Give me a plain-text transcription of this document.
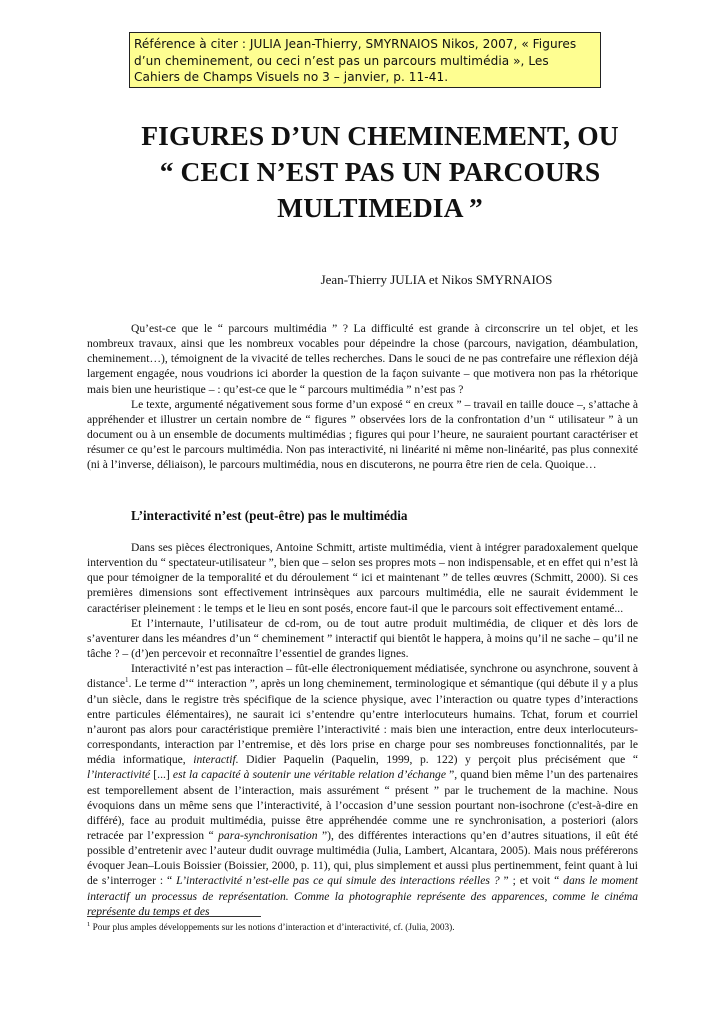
Référence à citer : JULIA Jean-Thierry, SMYRNAIOS Nikos, 2007, « Figures
d’un cheminement, ou ceci n’est pas un parcours multimédia », Les
Cahiers de Champs Visuels no 3 – janvier, p. 11-41.
FIGURES D’UN CHEMINEMENT, OU
“ CECI N’EST PAS UN PARCOURS
MULTIMEDIA ”
Jean-Thierry JULIA et Nikos SMYRNAIOS

Qu’est-ce que le “ parcours multimédia ” ? La difficulté est grande à circonscrire un tel objet, et les nombreux travaux, ainsi que les nombreux vocables pour dépeindre la chose (parcours, navigation, déambulation, cheminement…), témoignent de la vivacité de telles recherches. Dans le souci de ne pas contrefaire une réflexion déjà largement engagée, nous voudrions ici aborder la question de la façon suivante – que motivera non pas la rhétorique mais bien une heuristique – : qu’est-ce que le “ parcours multimédia ” n’est pas ?

Le texte, argumenté négativement sous forme d’un exposé “ en creux ” – travail en taille douce –, s’attache à appréhender et illustrer un certain nombre de “ figures ” observées lors de la confrontation d’un “ utilisateur ” à un document ou à un ensemble de documents multimédias ; figures qui pour l’heure, ne sauraient pourtant caractériser et résumer ce qu’est le parcours multimédia. Non pas interactivité, ni linéarité ni même non-linéarité, pas plus connexité (ni à l’inverse, déliaison), le parcours multimédia, nous en discuterons, ne pourra être rien de cela. Quoique…

L’interactivité n’est (peut-être) pas le multimédia

Dans ses pièces électroniques, Antoine Schmitt, artiste multimédia, vient à intégrer paradoxalement quelque intervention du “ spectateur-utilisateur ”, bien que – selon ses propres mots – non indispensable, et en effet qui n’est là que pour témoigner de la temporalité et du déroulement “ ici et maintenant ” de telles œuvres (Schmitt, 2000). Si ces premières dimensions sont effectivement intrinsèques aux parcours multimédia, elle ne saurait évidemment le caractériser pleinement : le temps et le lieu en sont posés, encore faut-il que le parcours soit effectivement entamé...

Et l’internaute, l’utilisateur de cd-rom, ou de tout autre produit multimédia, de cliquer et dès lors de s’aventurer dans les méandres d’un “ cheminement ” interactif qui bientôt le happera, à moins qu’il ne sache – qu’il ne tâche ? – (d’)en percevoir et reconnaître l’essentiel de grandes lignes.

Interactivité n’est pas interaction – fût-elle électroniquement médiatisée, synchrone ou asynchrone, souvent à distance$^1$. Le terme d’“ interaction ”, après un long cheminement, terminologique et sémantique (qui débute il y a plus d’un siècle, dans le registre très spécifique de la science physique, avec l’interaction ou quatre types d’interactions entre particules élémentaires), ne saurait ici s’entendre qu’entre interlocuteurs humains. Tchat, forum et courriel n’auront pas alors pour caractéristique première l’interactivité : mais bien une interaction, entre deux interlocuteurs-correspondants, interaction par l’entremise, et dès lors prise en charge pour ses nombreuses fonctionnalités, par le média informatique, interactif. Didier Paquelin (Paquelin, 1999, p. 122) y perçoit plus précisément que “ l’interactivité [...] est la capacité à soutenir une véritable relation d’échange ”, quand bien même l’un des partenaires est temporellement absent de l’interaction, mais assurément “ présent ” par le truchement de la machine. Nous évoquions dans un même sens que l’interactivité, à l’occasion d’une session pourtant non-isochrone (c'est-à-dire en différé), face au produit multimédia, puisse être appréhendée comme une re synchronisation, a posteriori (alors retracée par l’expression “ para-synchronisation ”), des différentes interactions qu’en d’autres situations, il eût été possible d’entretenir avec l’auteur dudit ouvrage multimédia (Julia, Lambert, Alcantara, 2005). Mais nous préférerons évoquer Jean–Louis Boissier (Boissier, 2000, p. 11), qui, plus simplement et aussi plus pertinemment, feint quant à lui de s’interroger : “ L’interactivité n’est-elle pas ce qui simule des interactions réelles ? ” ; et voit “ dans le moment interactif un processus de représentation. Comme la photographie représente des apparences, comme le cinéma représente du temps et des

$^1$ Pour plus amples développements sur les notions d’interaction et d’interactivité, cf. (Julia, 2003).
